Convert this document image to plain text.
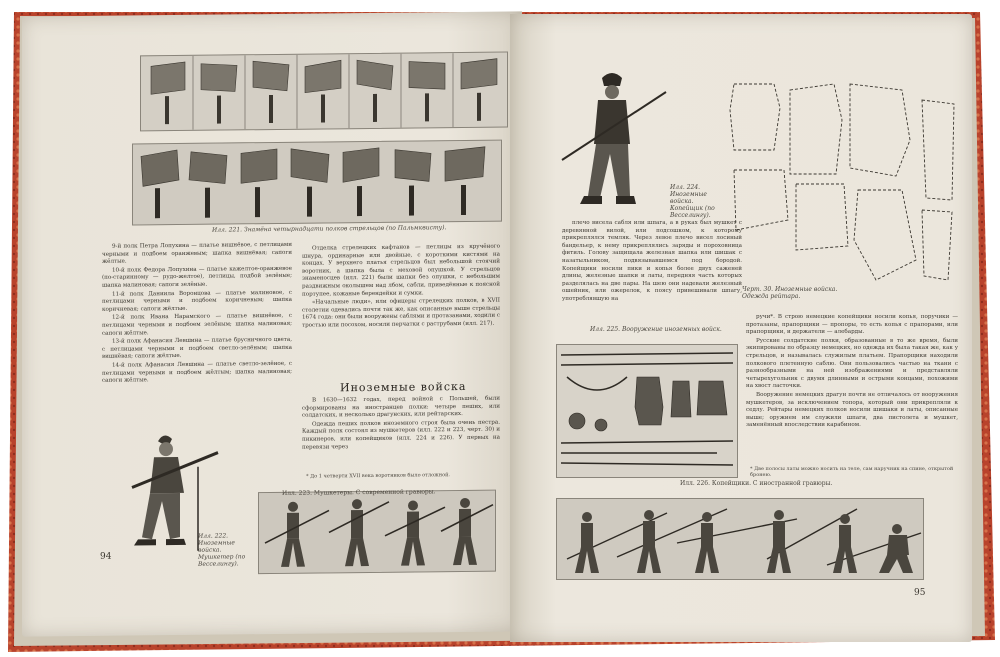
Илл. 221. Знамёна четырнадцати полков стрельцов (по Пальмквисту).

9-й полк Петра Лопухина — платье вишнёвое, с петлицами черными и подбоем оранжевым; шапка вишнёвая; сапоги жёлтые.

10-й полк Федора Лопухина — платье кажелтое-оранжевое (по-старинному — рудо-желтое), петлицы, подбой зелёные; шапка малиновая; сапоги зелёные.

11-й полк Даниила Воронцова — платье малиновое, с петлицами черными и подбоем коричневым; шапка коричневая; сапоги жёлтые.

12-й полк Ивана Нарамского — платье вишнёвое, с петлицами черными и подбоем зелёным; шапка малиновая; сапоги жёлтые.

13-й полк Афанасия Левшина — платье брусничного цвета, с петлицами черными и подбоем светло-зелёным; шапка вишнёвая; сапоги жёлтые.

14-й полк Афанасия Левшина — платье светло-зелёное, с петлицами черными и подбоем жёлтым; шапка малиновая; сапоги жёлтые.

Отделка стрелецких кафтанов — петлицы из кручёного шнура, ординарные или двойные, с короткими кистями на концах. У верхнего платья стрельцов был небольшой стоячий воротник, а шапка была с меховой опушкой. У стрельцов знаменосцев (илл. 221) были шапки без опушки, с небольшим раздвижным околышем над лбом, сабли, приведённые к поясной портупее, кожаные берендейки и сумки.

«Начальные люди», или офицеры стрелецких полков, в XVII столетии одевались почти так же, как описанные выше стрельцы 1674 года: они были вооружены саблями и протазанами, ходили с тростью или посохом, носили перчатки с раструбами (илл. 217).

Иноземные войска

В 1630—1632 годах, перед войной с Польшей, были сформированы на иностранцев полки: четыре пеших, или солдатских, и несколько драгунских, или рейтарских.

Одежда пеших полков иноземного строя была очень пестра. Каждый полк состоял из мушкетеров (илл. 222 и 223, черт. 30) и пикинеров, или копейщиков (илл. 224 и 226). У первых на перевязи через

* До 1 четверти XVII века воротников было отложной.
Илл. 222. Иноземные войска. Мушкетер (по Весселингу).
94
Илл. 223. Мушкетеры. С современной гравюры.
Илл. 224. Иноземные войска. Копейщик (по Весселингу).
Черт. 30. Иноземные войска. Одежда рейтара.

плечо висела сабля или шпага, а в руках был мушкет с деревянной вилой, или подсошком, к которому прикреплялся темляк. Через левое плечо висел лосиный бандельер, к нему прикреплялись заряды и пороховница фитиль. Голову защищала железная шапка или шишак с назатыльником, подвязывавшемся под бородой. Копейщики носили пики и копья более двух саженей длины, железные шапки и латы, передняя часть которых разделялась на две пары. На шею они надевали железный ошейник, или ожерелок, к поясу привешивали шпагу, употреблявшую на

Илл. 225. Вооружение иноземных войск.

ручи*. В строю немецкие копейщики носили копья, поручики — протазаны, прапорщики — пропоры, то есть копья с прапорами, или прапорщики, и держатели — алебарды.

Русские солдатские полки, образованные в то же время, были экипированы по образцу немецких, но одежда их была такая же, как у стрельцов, и называлась служилым платьем. Прапорщики находили полкового плетенную саблю. Они пользовались частью на ткани с разнообразными на ней изображениями и представляли четырехугольник с двумя длинными и острыми концами, похожими на хвост ласточки.

Вооружение немецких драгун почти не отличалось от вооружения мушкетеров, за исключением топора, который они прикрепляли к седлу. Рейтары немецких полков носили шишаки и латы, описанные выше; оружием им служили шпаги, два пистолета и мушкет, заменённый впоследствии карабином.

* Две полосы латы можно носить на теле, сам наручник на спине, открытой бронею.
Илл. 226. Копейщики. С иностранной гравюры.
95
